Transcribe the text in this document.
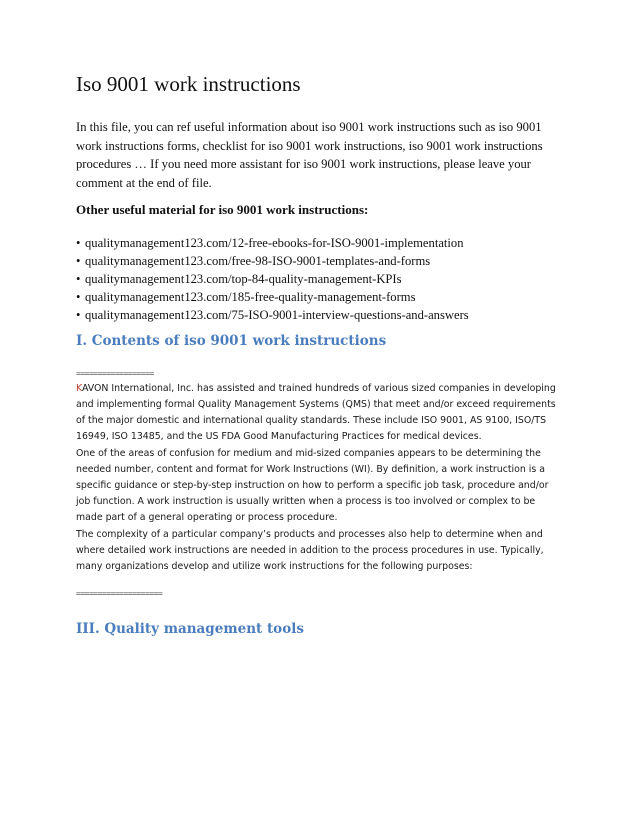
Iso 9001 work instructions
In this file, you can ref useful information about iso 9001 work instructions such as iso 9001
work instructions forms, checklist for iso 9001 work instructions, iso 9001 work instructions
procedures … If you need more assistant for iso 9001 work instructions, please leave your
comment at the end of file.
Other useful material for iso 9001 work instructions:
• qualitymanagement123.com/12-free-ebooks-for-ISO-9001-implementation
• qualitymanagement123.com/free-98-ISO-9001-templates-and-forms
• qualitymanagement123.com/top-84-quality-management-KPIs
• qualitymanagement123.com/185-free-quality-management-forms
• qualitymanagement123.com/75-ISO-9001-interview-questions-and-answers
I. Contents of iso 9001 work instructions
==================
KAVON International, Inc. has assisted and trained hundreds of various sized companies in developing
and implementing formal Quality Management Systems (QMS) that meet and/or exceed requirements
of the major domestic and international quality standards. These include ISO 9001, AS 9100, ISO/TS
16949, ISO 13485, and the US FDA Good Manufacturing Practices for medical devices.
One of the areas of confusion for medium and mid-sized companies appears to be determining the
needed number, content and format for Work Instructions (WI). By definition, a work instruction is a
specific guidance or step-by-step instruction on how to perform a specific job task, procedure and/or
job function. A work instruction is usually written when a process is too involved or complex to be
made part of a general operating or process procedure.
The complexity of a particular company’s products and processes also help to determine when and
where detailed work instructions are needed in addition to the process procedures in use. Typically,
many organizations develop and utilize work instructions for the following purposes:
====================
III. Quality management tools
